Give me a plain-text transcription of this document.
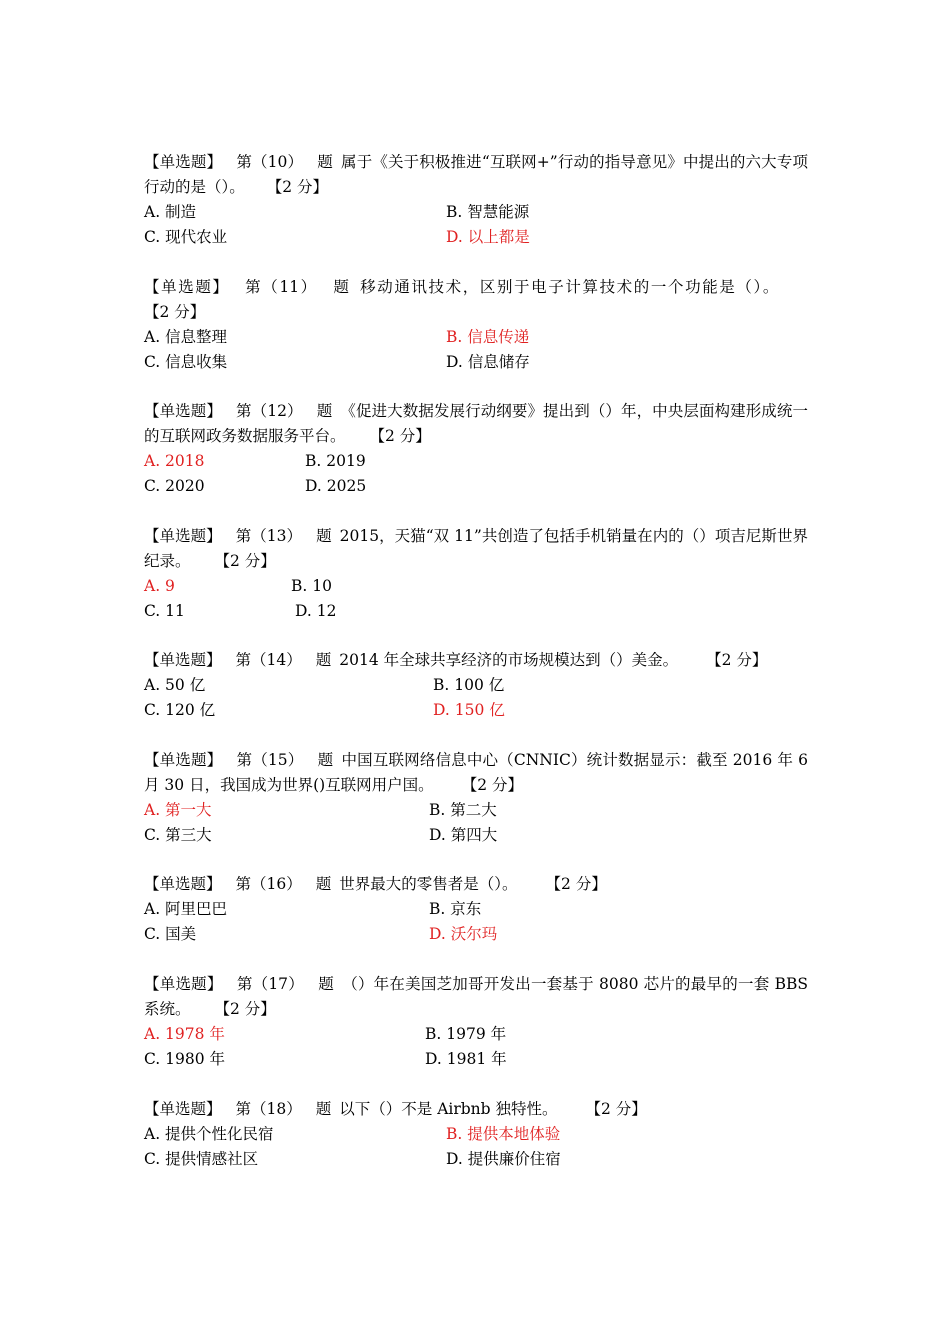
【单选题】 第（10） 题 属于《关于积极推进“互联网+”行动的指导意见》中提出的六大专项行动的是（）。 【2 分】
A. 制造	B. 智慧能源
C. 现代农业	D. 以上都是
【单选题】 第（11） 题 移动通讯技术，区别于电子计算技术的一个功能是（）。【2 分】
A. 信息整理	B. 信息传递
C. 信息收集	D. 信息储存
【单选题】 第（12） 题 《促进大数据发展行动纲要》提出到（）年，中央层面构建形成统一的互联网政务数据服务平台。 【2 分】
A. 2018	B. 2019
C. 2020	D. 2025
【单选题】 第（13） 题 2015，天猫“双 11”共创造了包括手机销量在内的（）项吉尼斯世界纪录。 【2 分】
A. 9	B. 10
C. 11	D. 12
【单选题】 第（14） 题 2014 年全球共享经济的市场规模达到（）美金。 【2 分】
A. 50 亿	B. 100 亿
C. 120 亿	D. 150 亿
【单选题】 第（15） 题 中国互联网络信息中心（CNNIC）统计数据显示：截至 2016 年 6 月 30 日，我国成为世界()互联网用户国。 【2 分】
A. 第一大	B. 第二大
C. 第三大	D. 第四大
【单选题】 第（16） 题 世界最大的零售者是（）。 【2 分】
A. 阿里巴巴	B. 京东
C. 国美	D. 沃尔玛
【单选题】 第（17） 题 （）年在美国芝加哥开发出一套基于 8080 芯片的最早的一套 BBS 系统。 【2 分】
A. 1978 年	B. 1979 年
C. 1980 年	D. 1981 年
【单选题】 第（18） 题 以下（）不是 Airbnb 独特性。 【2 分】
A. 提供个性化民宿	B. 提供本地体验
C. 提供情感社区	D. 提供廉价住宿
